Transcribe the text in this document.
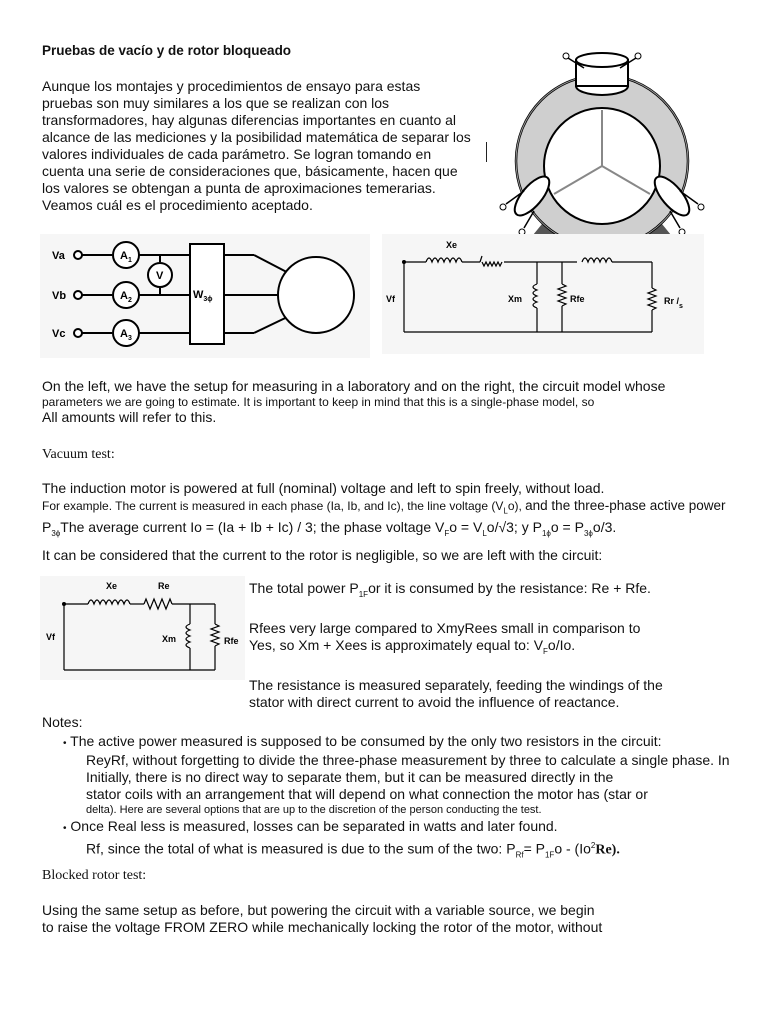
Pruebas de vacío y de rotor bloqueado
Aunque los montajes y procedimientos de ensayo para estas
pruebas son muy similares a los que se realizan con los
transformadores, hay algunas diferencias importantes en cuanto al
alcance de las mediciones y la posibilidad matemática de separar los
valores individuales de cada parámetro. Se logran tomando en
cuenta una serie de consideraciones que, básicamente, hacen que
los valores se obtengan a punta de aproximaciones temerarias.
Veamos cuál es el procedimiento aceptado.
Va
Vb
Vc
$A_1$
$A_2$
$A_3$
V
$W_{3\phi}$
Xe
Vf	Xm	Rfe	Rr $/_s$
On the left, we have the setup for measuring in a laboratory and on the right, the circuit model whose
parameters we are going to estimate. It is important to keep in mind that this is a single-phase model, so
All amounts will refer to this.
Vacuum test:
The induction motor is powered at full (nominal) voltage and left to spin freely, without load.
For example. The current is measured in each phase (Ia, Ib, and Ic), the line voltage $(V_Lo)$, and the three-phase active power
$P_{3\phi}The$ average current Io = (Ia + Ib + Ic) / 3; the phase voltage $V_Fo = V_Lo/√3$; y $P_{1\phi}o = P_{3\phi}o/3$.
It can be considered that the current to the rotor is negligible, so we are left with the circuit:
Xe	Re
Vf	Xm	Rfe
The total power $P_{1F}or$ it is consumed by the resistance: Re + Rfe.
Rfees very large compared to XmyRees small in comparison to
Yes, so Xm + Xees is approximately equal to: $V_Fo/Io$.
The resistance is measured separately, feeding the windings of the
stator with direct current to avoid the influence of reactance.
Notes:
• The active power measured is supposed to be consumed by the only two resistors in the circuit:
ReyRf, without forgetting to divide the three-phase measurement by three to calculate a single phase. In
Initially, there is no direct way to separate them, but it can be measured directly in the
stator coils with an arrangement that will depend on what connection the motor has (star or
delta). Here are several options that are up to the discretion of the person conducting the test.
• Once Real less is measured, losses can be separated in watts and later found.
Rf, since the total of what is measured is due to the sum of the two: $P_{Rf}= P_{1F}o - (Io^2Re)$.
Blocked rotor test:
Using the same setup as before, but powering the circuit with a variable source, we begin
to raise the voltage FROM ZERO while mechanically locking the rotor of the motor, without
